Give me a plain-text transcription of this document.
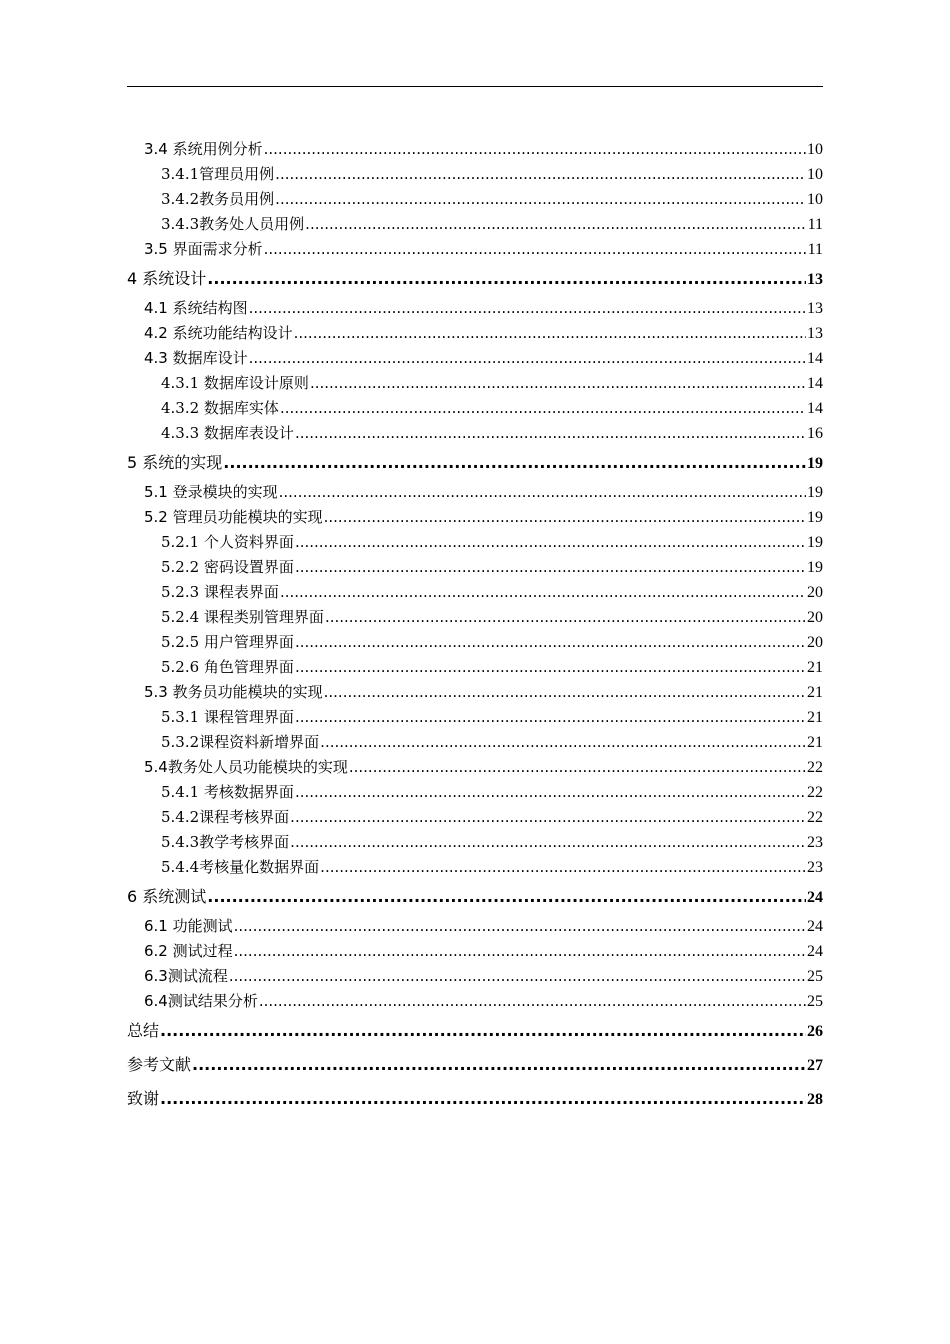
3.4 系统用例分析 .....	10
3.4.1管理员用例 .....	10
3.4.2教务员用例 .....	10
3.4.3教务处人员用例 .....	11
3.5 界面需求分析 .....	11
4 系统设计 .....	13
4.1 系统结构图 .....	13
4.2 系统功能结构设计 .....	13
4.3 数据库设计 .....	14
4.3.1 数据库设计原则 .....	14
4.3.2 数据库实体 .....	14
4.3.3 数据库表设计 .....	16
5 系统的实现 .....	19
5.1 登录模块的实现 .....	19
5.2 管理员功能模块的实现 .....	19
5.2.1 个人资料界面 .....	19
5.2.2 密码设置界面 .....	19
5.2.3 课程表界面 .....	20
5.2.4 课程类别管理界面 .....	20
5.2.5 用户管理界面 .....	20
5.2.6 角色管理界面 .....	21
5.3 教务员功能模块的实现 .....	21
5.3.1 课程管理界面 .....	21
5.3.2课程资料新增界面 .....	21
5.4教务处人员功能模块的实现 .....	22
5.4.1 考核数据界面 .....	22
5.4.2课程考核界面 .....	22
5.4.3教学考核界面 .....	23
5.4.4考核量化数据界面 .....	23
6 系统测试 .....	24
6.1 功能测试 .....	24
6.2 测试过程 .....	24
6.3测试流程 .....	25
6.4测试结果分析 .....	25
总结 .....	26
参考文献 .....	27
致谢 .....	28
